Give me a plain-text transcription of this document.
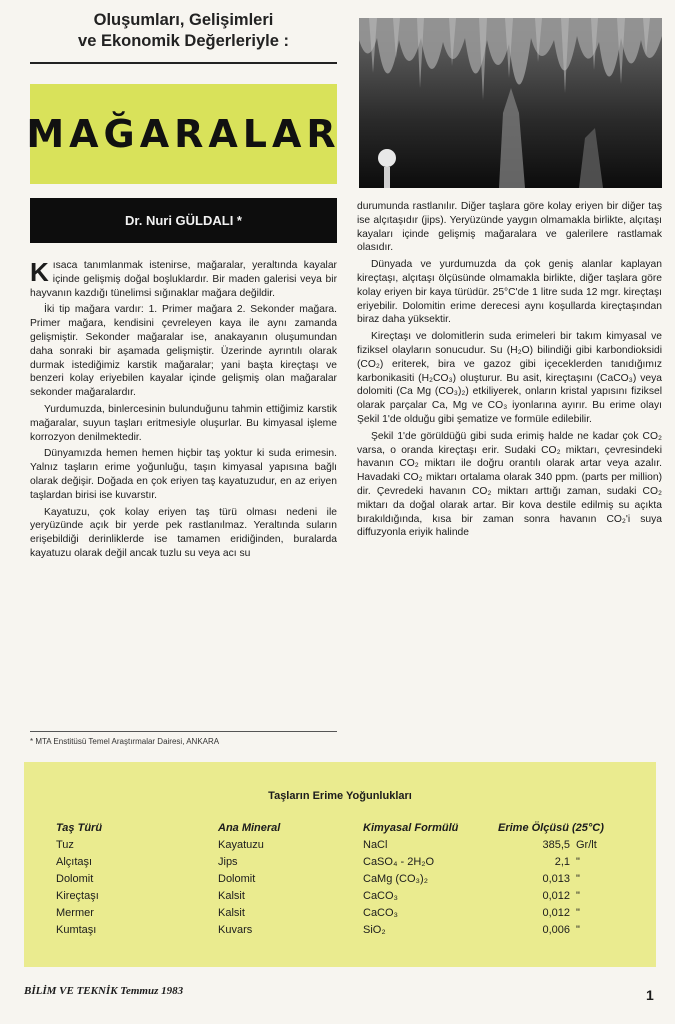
Oluşumları, Gelişimleri
ve Ekonomik Değerleriyle :
MAĞARALAR
Dr. Nuri GÜLDALI *

Kısaca tanımlanmak istenirse, mağaralar, yeraltında kayalar içinde gelişmiş doğal boşluklardır. Bir maden galerisi veya bir hayvanın kazdığı tünelimsi sığınaklar mağara değildir.

İki tip mağara vardır: 1. Primer mağara 2. Sekonder mağara. Primer mağara, kendisini çevreleyen kaya ile aynı zamanda gelişmiştir. Sekonder mağaralar ise, anakayanın oluşumundan daha sonraki bir aşamada gelişmiştir. Üzerinde ayrıntılı olarak durmak istediğimiz karstik mağaralar; yani başta kireçtaşı ve benzeri kolay eriyebilen kayalar içinde gelişmiş olan mağaralar sekonder mağaralardır.

Yurdumuzda, binlercesinin bulunduğunu tahmin ettiğimiz karstik mağaralar, suyun taşları eritmesiyle oluşurlar. Bu kimyasal işleme korrozyon denilmektedir.

Dünyamızda hemen hemen hiçbir taş yoktur ki suda erimesin. Yalnız taşların erime yoğunluğu, taşın kimyasal yapısına bağlı olarak değişir. Doğada en çok eriyen taş kayatuzudur, en az eriyen taşlardan birisi ise kuvarstır.

Kayatuzu, çok kolay eriyen taş türü olması nedeni ile yeryüzünde açık bir yerde pek rastlanılmaz. Yeraltında suların erişebildiği derinliklerde ise tamamen eridiğinden, buralarda kayatuzu olarak değil ancak tuzlu su veya acı su

durumunda rastlanılır. Diğer taşlara göre kolay eriyen bir diğer taş ise alçıtaşıdır (jips). Yeryüzünde yaygın olmamakla birlikte, alçıtaşı kayaları içinde gelişmiş mağaralara ve galerilere rastlamak olasıdır.

Dünyada ve yurdumuzda da çok geniş alanlar kaplayan kireçtaşı, alçıtaşı ölçüsünde olmamakla birlikte, diğer taşlara göre kolay eriyen bir kaya türüdür. 25°C'de 1 litre suda 12 mgr. kireçtaşı eriyebilir. Dolomitin erime derecesi aynı koşullarda kireçtaşından biraz daha yüksektir.

Kireçtaşı ve dolomitlerin suda erimeleri bir takım kimyasal ve fiziksel olayların sonucudur. Su (H₂O) bilindiği gibi karbondioksidi (CO₂) eriterek, bira ve gazoz gibi içeceklerden tanıdığımız karbonikasiti (H₂CO₃) oluşturur. Bu asit, kireçtaşını (CaCO₃) veya dolomiti (Ca Mg (CO₃)₂) etkiliyerek, onların kristal yapısını fiziksel olarak parçalar Ca, Mg ve CO₃ iyonlarına ayırır. Bu erime olayı Şekil 1'de olduğu gibi şematize ve formüle edilebilir.

Şekil 1'de görüldüğü gibi suda erimiş halde ne kadar çok CO₂ varsa, o oranda kireçtaşı erir. Sudaki CO₂ miktarı, çevresindeki havanın CO₂ miktarı ile doğru orantılı olarak artar veya azalır. Havadaki CO₂ miktarı ortalama olarak 340 ppm. (parts per million) dir. Çevredeki havanın CO₂ miktarı arttığı zaman, sudaki CO₂ miktarı da doğal olarak artar. Bir kova destile edilmiş su açıkta bırakıldığında, kısa bir zaman sonra havanın CO₂'i suya diffuzyonla eriyik halinde

* MTA Enstitüsü Temel Araştırmalar Dairesi, ANKARA
Taşların Erime Yoğunlukları
Taş Türü	Ana Mineral	Kimyasal Formülü	Erime Ölçüsü (25°C)
Tuz	Kayatuzu	NaCl	385,5 Gr/lt
Alçıtaşı	Jips	CaSO₄ - 2H₂O	2,1 "
Dolomit	Dolomit	CaMg (CO₃)₂	0,013 "
Kireçtaşı	Kalsit	CaCO₃	0,012 "
Mermer	Kalsit	CaCO₃	0,012 "
Kumtaşı	Kuvars	SiO₂	0,006 "
BİLİM VE TEKNİK Temmuz 1983	1
